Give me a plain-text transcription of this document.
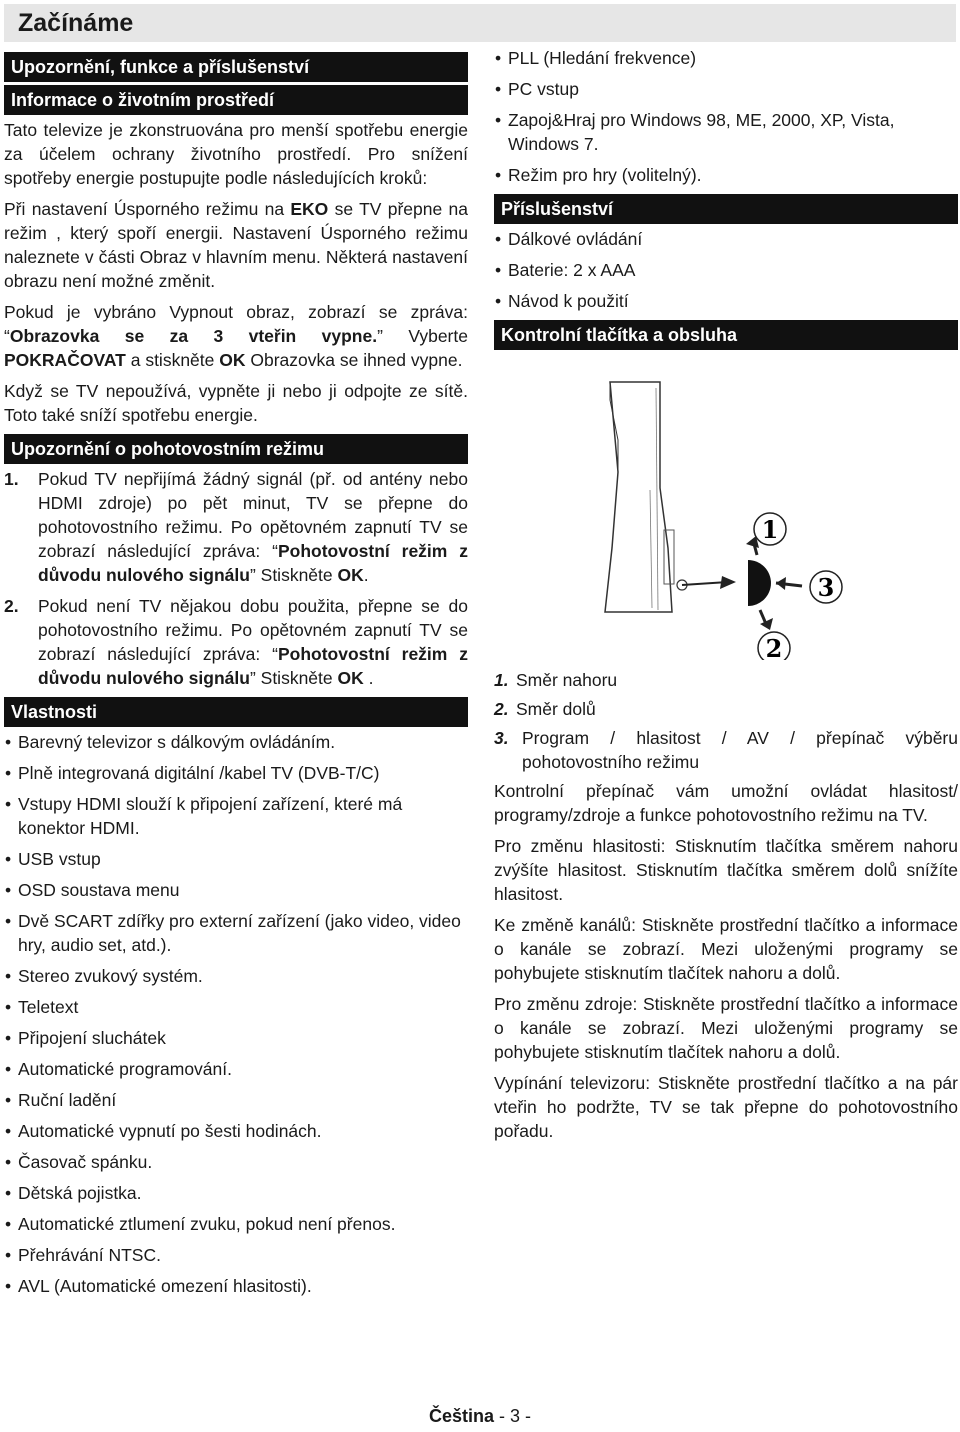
Začínáme
Upozornění, funkce a příslušenství
Informace o životním prostředí

Tato televize je zkonstruována pro menší spotřebu energie za účelem ochrany životního prostředí. Pro snížení spotřeby energie postupujte podle následujících kroků:

Při nastavení Úsporného režimu na EKO se TV přepne na režim , který spoří energii. Nastavení Úsporného režimu naleznete v části Obraz v hlavním menu. Některá nastavení obrazu není možné změnit.

Pokud je vybráno Vypnout obraz, zobrazí se zpráva: “Obrazovka se za 3 vteřin vypne.” Vyberte POKRAČOVAT a stiskněte OK Obrazovka se ihned vypne.

Když se TV nepoužívá, vypněte ji nebo ji odpojte ze sítě. Toto také sníží spotřebu energie.

Upozornění o pohotovostním režimu
1.	Pokud TV nepřijímá žádný signál (př. od antény nebo HDMI zdroje) po pět minut, TV se přepne do pohotovostního režimu. Po opětovném zapnutí TV se zobrazí následující zpráva: “Pohotovostní režim z důvodu nulového signálu” Stiskněte OK.
2.	Pokud není TV nějakou dobu použita, přepne se do pohotovostního režimu. Po opětovném zapnutí TV se zobrazí následující zpráva: “Pohotovostní režim z důvodu nulového signálu” Stiskněte OK .
Vlastnosti
• Barevný televizor s dálkovým ovládáním.
• Plně integrovaná digitální /kabel TV (DVB-T/C)
• Vstupy HDMI slouží k připojení zařízení, které má konektor HDMI.
• USB vstup
• OSD soustava menu
• Dvě SCART zdířky pro externí zařízení (jako video, video hry, audio set, atd.).
• Stereo zvukový systém.
• Teletext
• Připojení sluchátek
• Automatické programování.
• Ruční ladění
• Automatické vypnutí po šesti hodinách.
• Časovač spánku.
• Dětská pojistka.
• Automatické ztlumení zvuku, pokud není přenos.
• Přehrávání NTSC.
• AVL (Automatické omezení hlasitosti).
• PLL (Hledání frekvence)
• PC vstup
• Zapoj&Hraj pro Windows 98, ME, 2000, XP, Vista, Windows 7.
• Režim pro hry (volitelný).
Příslušenství
• Dálkové ovládání
• Baterie: 2 x AAA
• Návod k použití
Kontrolní tlačítka a obsluha
1
3
2
1. Směr nahoru
2. Směr dolů
3. Program / hlasitost / AV / přepínač výběru pohotovostního režimu

Kontrolní přepínač vám umožní ovládat hlasitost/ programy/zdroje a funkce pohotovostního režimu na TV.

Pro změnu hlasitosti: Stisknutím tlačítka směrem nahoru zvýšíte hlasitost. Stisknutím tlačítka směrem dolů snížíte hlasitost.

Ke změně kanálů: Stiskněte prostřední tlačítko a informace o kanále se zobrazí. Mezi uloženými programy se pohybujete stisknutím tlačítek nahoru a dolů.

Pro změnu zdroje: Stiskněte prostřední tlačítko a informace o kanále se zobrazí. Mezi uloženými programy se pohybujete stisknutím tlačítek nahoru a dolů.

Vypínání televizoru: Stiskněte prostřední tlačítko a na pár vteřin ho podržte, TV se tak přepne do pohotovostního pořadu.

Čeština - 3 -
